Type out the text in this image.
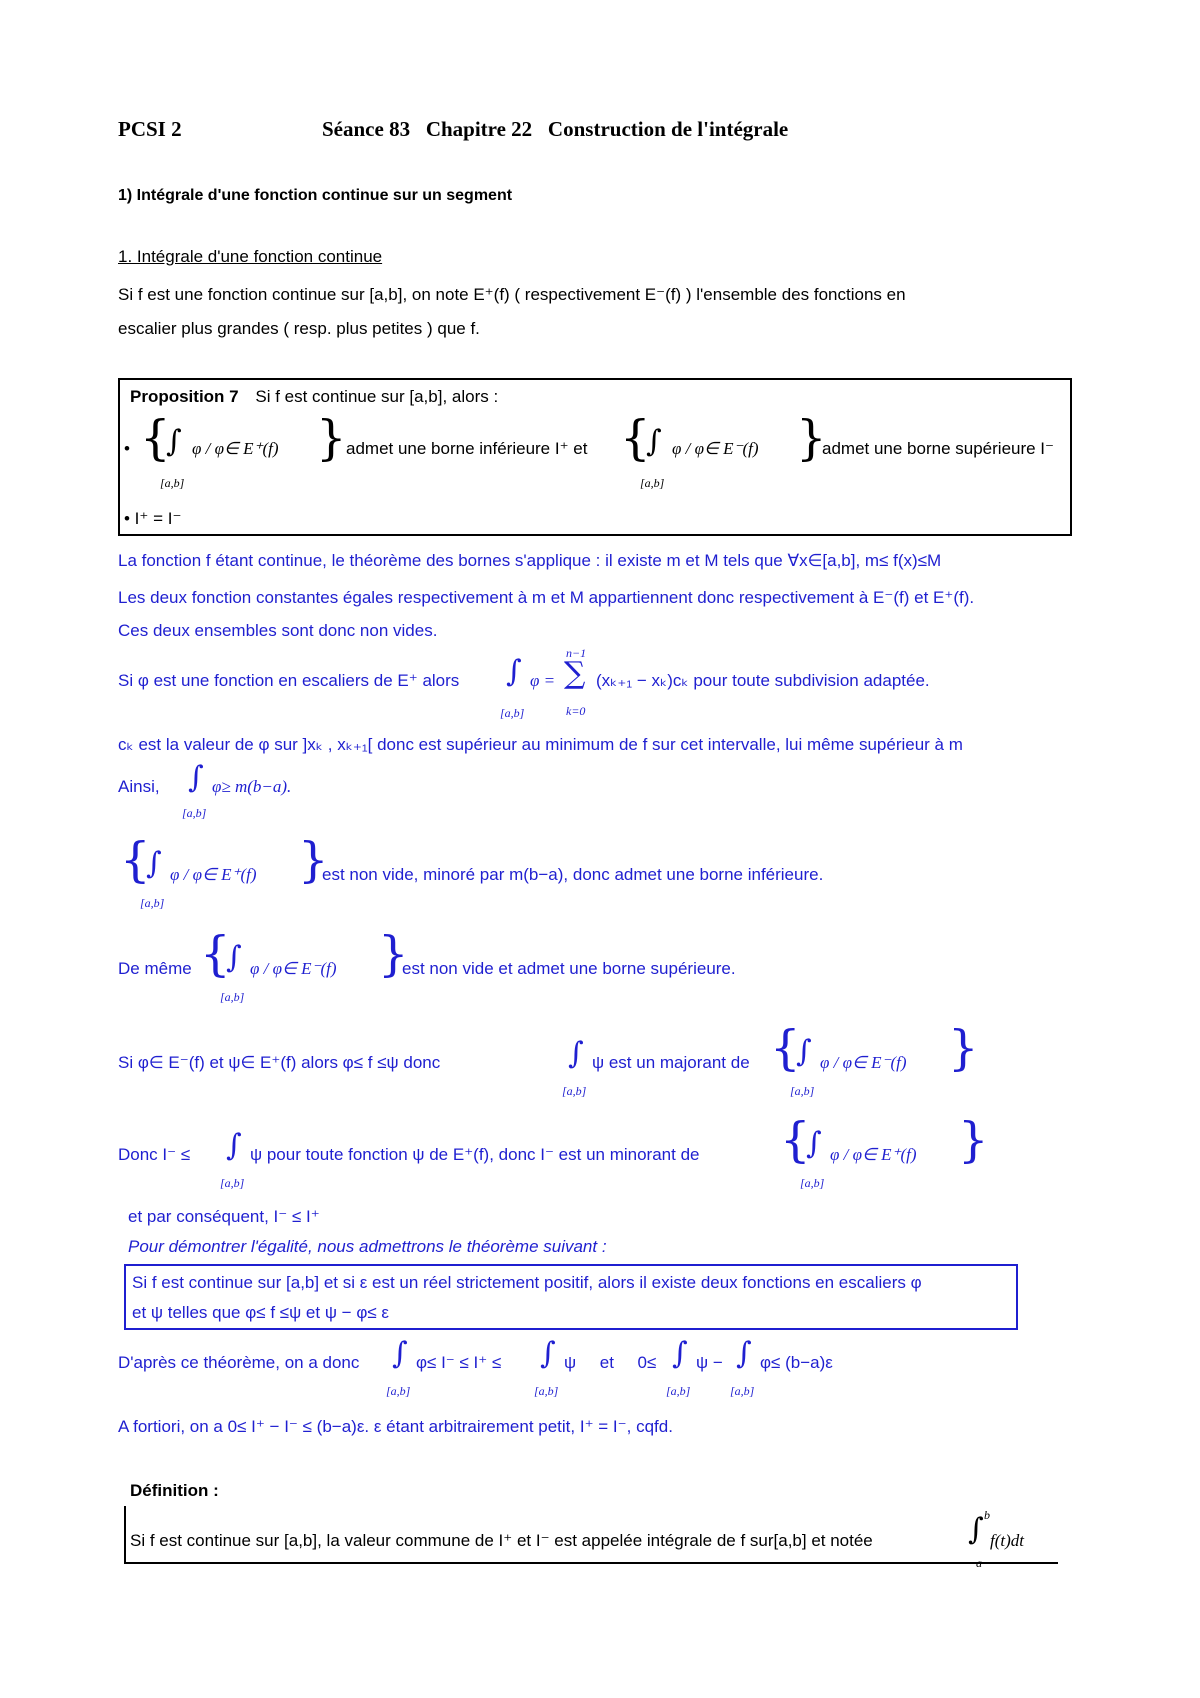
PCSI 2	Séance 83   Chapitre 22   Construction de l'intégrale
1) Intégrale d'une fonction continue sur un segment
1. Intégrale d'une fonction continue
Si f est une fonction continue sur [a,b], on note E⁺(f) ( respectivement E⁻(f) ) l'ensemble des fonctions en
escalier plus grandes ( resp. plus petites ) que f.
Proposition 7 Si f est continue sur [a,b], alors :
• {
∫
[a,b]
φ / φ∈ E⁺(f) } admet une borne inférieure I⁺ et {
∫
[a,b]
φ / φ∈ E⁻(f) }
admet une borne supérieure I⁻
• I⁺ = I⁻
La fonction f étant continue, le théorème des bornes s'applique : il existe m et M tels que ∀x∈[a,b], m≤ f(x)≤M
Les deux fonction constantes égales respectivement à m et M appartiennent donc respectivement à E⁻(f) et E⁺(f).
Ces deux ensembles sont donc non vides.
Si φ est une fonction en escaliers de E⁺ alors ∫
[a,b]
φ =
n−1
∑
k=0
(xₖ₊₁ − xₖ)cₖ pour toute subdivision adaptée.
cₖ est la valeur de φ sur ]xₖ , xₖ₊₁[ donc est supérieur au minimum de f sur cet intervalle, lui même supérieur à m
Ainsi, ∫
[a,b]
φ≥ m(b−a).
{
∫
[a,b]
φ / φ∈ E⁺(f) }
est non vide, minoré par m(b−a), donc admet une borne inférieure.
De même {
∫
[a,b]
φ / φ∈ E⁻(f) }
est non vide et admet une borne supérieure.
Si φ∈ E⁻(f) et ψ∈ E⁺(f) alors φ≤ f ≤ψ donc	∫
[a,b]
ψ est un majorant de {
∫
[a,b]
φ / φ∈ E⁻(f) }
Donc I⁻ ≤ ∫
[a,b]
ψ pour toute fonction ψ de E⁺(f), donc I⁻ est un minorant de {
∫
[a,b]
φ / φ∈ E⁺(f) }
et par conséquent, I⁻ ≤ I⁺
Pour démontrer l'égalité, nous admettrons le théorème suivant :
Si f est continue sur [a,b] et si ε est un réel strictement positif, alors il existe deux fonctions en escaliers φ
et ψ telles que φ≤ f ≤ψ et ψ − φ≤ ε
D'après ce théorème, on a donc ∫
[a,b]
φ≤ I⁻ ≤ I⁺ ≤ ∫
[a,b]
ψ     et     0≤ ∫
[a,b]
ψ − ∫
[a,b]
φ≤ (b−a)ε
A fortiori, on a 0≤ I⁺ − I⁻ ≤ (b−a)ε. ε étant arbitrairement petit, I⁺ = I⁻, cqfd.
Définition :
Si f est continue sur [a,b], la valeur commune de I⁺ et I⁻ est appelée intégrale de f sur[a,b] et notée	∫ b
a
f(t)dt
